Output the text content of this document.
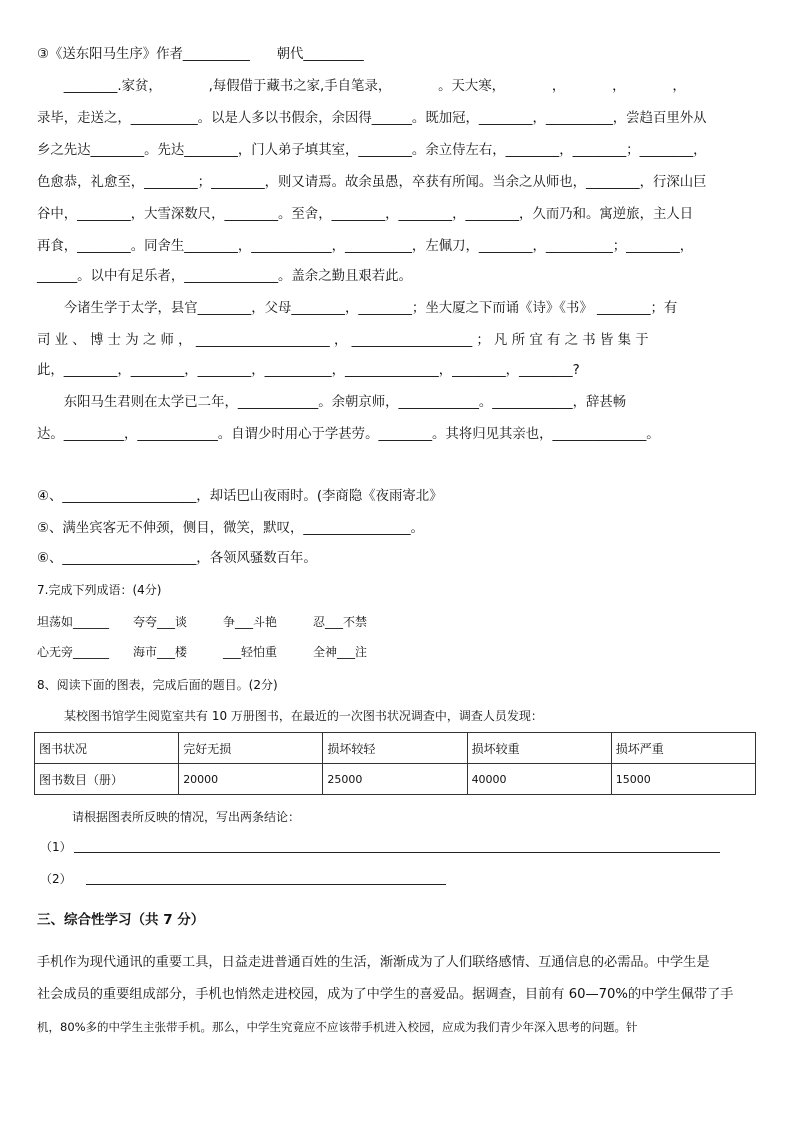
③《送东阳马生序》作者__________　　朝代_________
　　________.家贫，　　　　,每假借于藏书之家,手自笔录，　　　　。天大寒，　　　　，　　　　，　　　　，
录毕，走送之，__________。以是人多以书假余，余因得______。既加冠，________，__________，尝趋百里外从
乡之先达________。先达________，门人弟子填其室，________。余立侍左右，________，________；________，
色愈恭，礼愈至，________；________，则又请焉。故余虽愚，卒获有所闻。当余之从师也，________，行深山巨
谷中，________，大雪深数尺，________。至舍，________，________，________，久而乃和。寓逆旅，主人日
再食，________。同舍生________，____________，__________，左佩刀，________，__________；________，
______。以中有足乐者，______________。盖余之勤且艰若此。
　　今诸生学于太学，县官________，父母________，________；坐大厦之下而诵《诗》《书》 ________；有
司 业 、 博 士 为 之 师 ， ____________________ ， __________________ ； 凡 所 宜 有 之 书 皆 集 于
此，________，________，________，__________，______________，________，________?
　　东阳马生君则在太学已二年，____________。余朝京师，____________。____________，辞甚畅
达。_________，____________。自谓少时用心于学甚劳。________。其将归见其亲也，______________。
④、____________________，却话巴山夜雨时。(李商隐《夜雨寄北》
⑤、满坐宾客无不伸颈，侧目，微笑，默叹，________________。
⑥、____________________，各领风骚数百年。
7.完成下列成语：(4分)
坦荡如______　　夸夸___谈　　　争___斗艳　　　忍___不禁
心无旁______　　海市___楼　　　___轻怕重　　　全神___注
8、阅读下面的图表，完成后面的题目。(2分)
某校图书馆学生阅览室共有 10 万册图书，在最近的一次图书状况调查中，调查人员发现：
图书状况	完好无损	损坏较轻	损坏较重	损坏严重
图书数目（册）	20000	25000	40000	15000
请根据图表所反映的情况，写出两条结论：
（1）
（2）
三、综合性学习（共 7 分）
手机作为现代通讯的重要工具，日益走进普通百姓的生活，渐渐成为了人们联络感情、互通信息的必需品。中学生是
社会成员的重要组成部分，手机也悄然走进校园，成为了中学生的喜爱品。据调查，目前有 60—70%的中学生佩带了手
机，80%多的中学生主张带手机。那么，中学生究竟应不应该带手机进入校园，应成为我们青少年深入思考的问题。针
